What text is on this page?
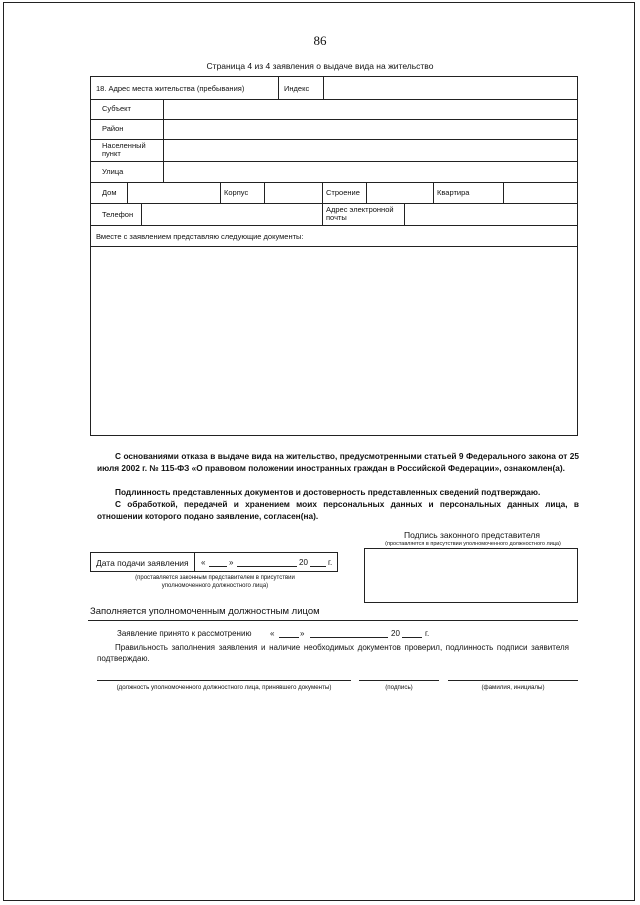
86
Страница 4 из 4 заявления о выдаче вида на жительство
18. Адрес места жительства (пребывания)	Индекс
Субъект
Район
Населенный пункт
Улица
Дом	Корпус	Строение	Квартира
Телефон
Адрес электронной почты
Вместе с заявлением представляю следующие документы:
С основаниями отказа в выдаче вида на жительство, предусмотренными статьей 9 Федерального закона от 25 июля 2002 г. № 115-ФЗ «О правовом положении иностранных граждан в Российской Федерации», ознакомлен(а).
Подлинность представленных документов и достоверность представленных сведений подтверждаю.
С обработкой, передачей и хранением моих персональных данных и персональных данных лица, в отношении которого подано заявление, согласен(на).
Подпись законного представителя
(проставляется в присутствии уполномоченного должностного лица)
Дата подачи заявления «	»	20	г.
(проставляется законным представителем в присутствии уполномоченного должностного лица)
Заполняется уполномоченным должностным лицом
Заявление принято к рассмотрению «	»	20	г.
Правильность заполнения заявления и наличие необходимых документов проверил, подлинность подписи заявителя подтверждаю.
(должность уполномоченного должностного лица, принявшего документы)	(подпись)	(фамилия, инициалы)
